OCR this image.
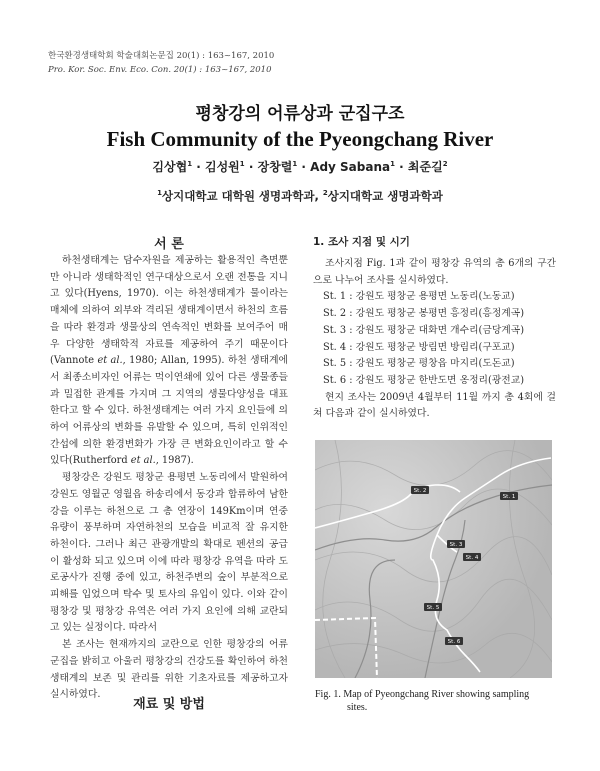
한국환경생태학회 학술대회논문집 20(1) : 163~167, 2010
Pro. Kor. Soc. Env. Eco. Con. 20(1) : 163~167, 2010
평창강의 어류상과 군집구조
Fish Community of the Pyeongchang River
김상협$^1$ · 김성원$^1$ · 장창렬$^1$ · Ady Sabana$^1$ · 최준길$^2$
$^1$상지대학교 대학원 생명과학과, $^2$상지대학교 생명과학과
서 론

하천생태계는 담수자원을 제공하는 활용적인 측면뿐만 아니라 생태학적인 연구대상으로서 오랜 전통을 지니고 있다(Hyens, 1970). 이는 하천생태계가 물이라는 매체에 의하여 외부와 격리된 생태계이면서 하천의 흐름을 따라 환경과 생물상의 연속적인 변화를 보여주어 매우 다양한 생태학적 자료를 제공하여 주기 때문이다(Vannote et al., 1980; Allan, 1995). 하천 생태계에서 최종소비자인 어류는 먹이연쇄에 있어 다른 생물종들과 밀접한 관계를 가지며 그 지역의 생물다양성을 대표한다고 할 수 있다. 하천생태계는 여러 가지 요인들에 의하여 어류상의 변화를 유발할 수 있으며, 특히 인위적인 간섭에 의한 환경변화가 가장 큰 변화요인이라고 할 수 있다(Rutherford et al., 1987).

평창강은 강원도 평창군 용평면 노동리에서 발원하여 강원도 영월군 영월읍 하송리에서 동강과 합류하여 남한강을 이루는 하천으로 그 총 연장이 149Km이며 연중 유량이 풍부하며 자연하천의 모습을 비교적 잘 유지한 하천이다. 그러나 최근 관광개발의 확대로 펜션의 공급이 활성화 되고 있으며 이에 따라 평창강 유역을 따라 도로공사가 진행 중에 있고, 하천주변의 숲이 부분적으로 피해를 입었으며 탁수 및 토사의 유입이 있다. 이와 같이 평창강 및 평창강 유역은 여러 가지 요인에 의해 교란되고 있는 실정이다. 따라서

본 조사는 현재까지의 교란으로 인한 평창강의 어류군집을 밝히고 아울러 평창강의 건강도를 확인하여 하천생태계의 보존 및 관리를 위한 기초자료를 제공하고자 실시하였다.

재료 및 방법
1. 조사 지점 및 시기

조사지점 Fig. 1과 같이 평창강 유역의 총 6개의 구간으로 나누어 조사를 실시하였다.

St. 1 : 강원도 평창군 용평면 노동리(노동교)
St. 2 : 강원도 평창군 봉평면 흥정리(흥정계곡)
St. 3 : 강원도 평창군 대화면 개수리(금당계곡)
St. 4 : 강원도 평창군 방림면 방림리(구포교)
St. 5 : 강원도 평창군 평창읍 마지리(도돈교)
St. 6 : 강원도 평창군 한반도면 옹정리(광전교)

현지 조사는 2009년 4월부터 11월 까지 총 4회에 걸쳐 다음과 같이 실시하였다.

St. 1
St. 2
St. 3
St. 4
St. 5
St. 6
Fig. 1. Map of Pyeongchang River showing sampling
sites.
